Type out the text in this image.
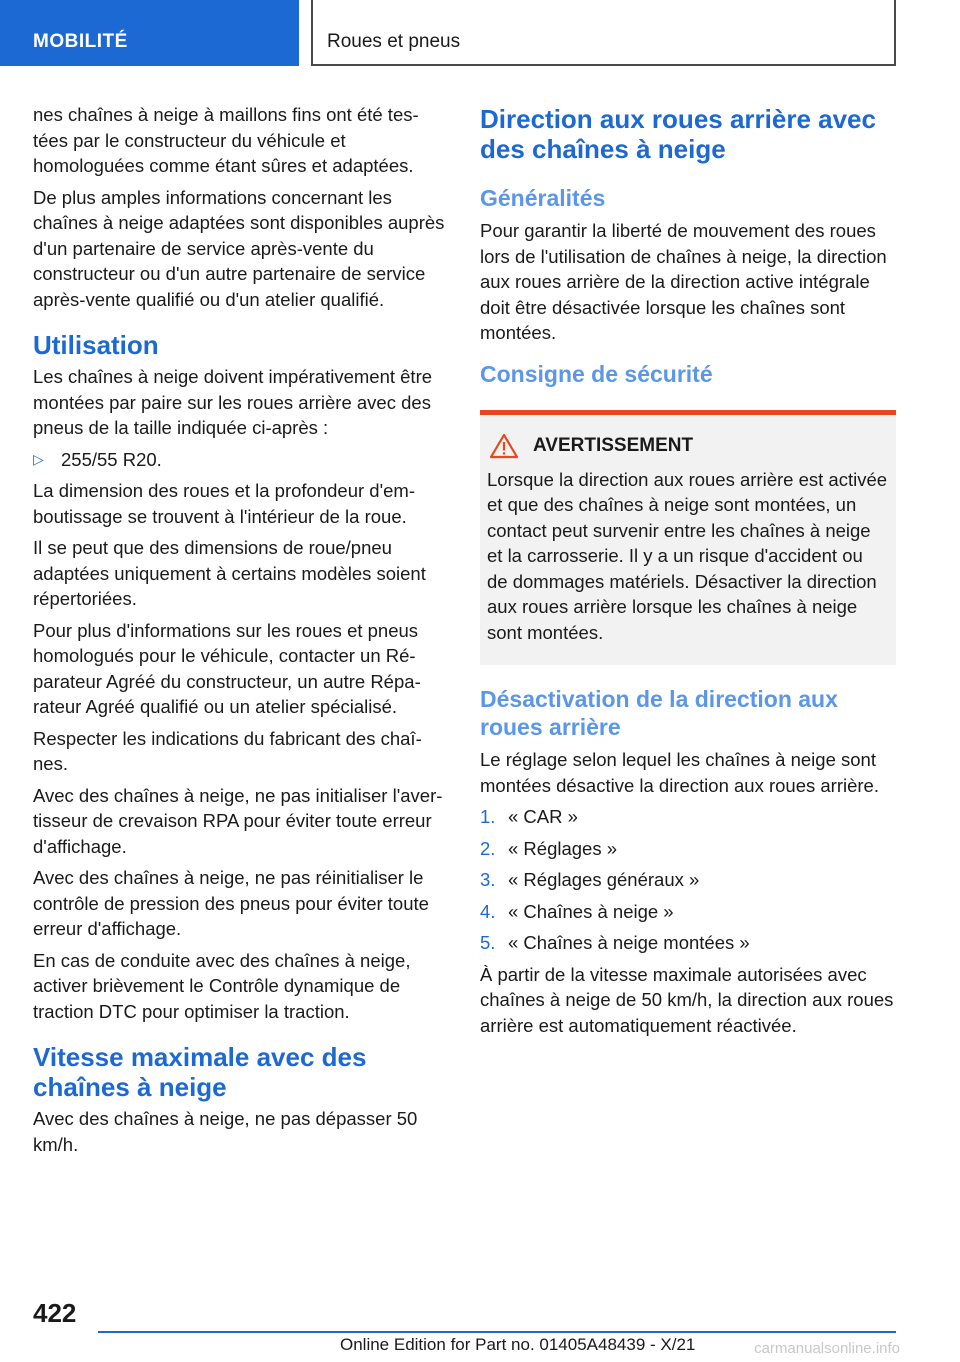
MOBILITÉ	Roues et pneus

nes chaînes à neige à maillons fins ont été testées par le constructeur du véhicule et homologuées comme étant sûres et adaptées.

De plus amples informations concernant les chaînes à neige adaptées sont disponibles auprès d'un partenaire de service après-vente du constructeur ou d'un autre partenaire de service après-vente qualifié ou d'un atelier qualifié.

Utilisation

Les chaînes à neige doivent impérativement être montées par paire sur les roues arrière avec des pneus de la taille indiquée ci-après :

▷ 255/55 R20.

La dimension des roues et la profondeur d'emboutissage se trouvent à l'intérieur de la roue.

Il se peut que des dimensions de roue/pneu adaptées uniquement à certains modèles soient répertoriées.

Pour plus d'informations sur les roues et pneus homologués pour le véhicule, contacter un Réparateur Agréé du constructeur, un autre Réparateur Agréé qualifié ou un atelier spécialisé.

Respecter les indications du fabricant des chaînes.

Avec des chaînes à neige, ne pas initialiser l'avertisseur de crevaison RPA pour éviter toute erreur d'affichage.

Avec des chaînes à neige, ne pas réinitialiser le contrôle de pression des pneus pour éviter toute erreur d'affichage.

En cas de conduite avec des chaînes à neige, activer brièvement le Contrôle dynamique de traction DTC pour optimiser la traction.

Vitesse maximale avec des chaînes à neige

Avec des chaînes à neige, ne pas dépasser 50 km/h.

Direction aux roues arrière avec des chaînes à neige
Généralités

Pour garantir la liberté de mouvement des roues lors de l'utilisation de chaînes à neige, la direction aux roues arrière de la direction active intégrale doit être désactivée lorsque les chaînes sont montées.

Consigne de sécurité
AVERTISSEMENT

Lorsque la direction aux roues arrière est activée et que des chaînes à neige sont montées, un contact peut survenir entre les chaînes à neige et la carrosserie. Il y a un risque d'accident ou de dommages matériels. Désactiver la direction aux roues arrière lorsque les chaînes à neige sont montées.

Désactivation de la direction aux roues arrière

Le réglage selon lequel les chaînes à neige sont montées désactive la direction aux roues arrière.

1. « CAR »
2. « Réglages »
3. « Réglages généraux »
4. « Chaînes à neige »
5. « Chaînes à neige montées »

À partir de la vitesse maximale autorisées avec chaînes à neige de 50 km/h, la direction aux roues arrière est automatiquement réactivée.

422
Online Edition for Part no. 01405A48439 - X/21	carmanualsonline.info
